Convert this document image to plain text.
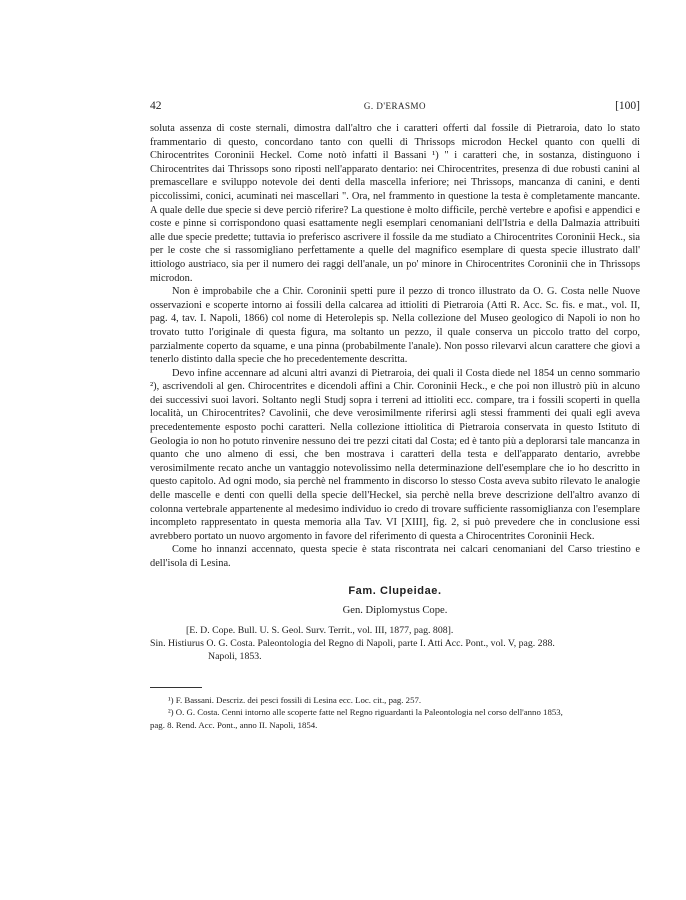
42	G. D'ERASMO	[100]

soluta assenza di coste sternali, dimostra dall'altro che i caratteri offerti dal fossile di Pietraroia, dato lo stato frammentario di questo, concordano tanto con quelli di Thrissops microdon Heckel quanto con quelli di Chirocentrites Coroninii Heckel. Come notò infatti il Bassani ¹) " i caratteri che, in sostanza, distinguono i Chirocentrites dai Thrissops sono riposti nell'apparato dentario: nei Chirocentrites, presenza di due robusti canini al premascellare e sviluppo notevole dei denti della mascella inferiore; nei Thrissops, mancanza di canini, e denti piccolissimi, conici, acuminati nei mascellari ". Ora, nel frammento in questione la testa è completamente mancante. A quale delle due specie si deve perciò riferire? La questione è molto difficile, perchè vertebre e apofisi e appendici e coste e pinne si corrispondono quasi esattamente negli esemplari cenomaniani dell'Istria e della Dalmazia attribuiti alle due specie predette; tuttavia io preferisco ascrivere il fossile da me studiato a Chirocentrites Coroninii Heck., sia per le coste che si rassomigliano perfettamente a quelle del magnifico esemplare di questa specie illustrato dall' ittiologo austriaco, sia per il numero dei raggi dell'anale, un po' minore in Chirocentrites Coroninii che in Thrissops microdon.

Non è improbabile che a Chir. Coroninii spetti pure il pezzo di tronco illustrato da O. G. Costa nelle Nuove osservazioni e scoperte intorno ai fossili della calcarea ad ittioliti di Pietraroia (Atti R. Acc. Sc. fis. e mat., vol. II, pag. 4, tav. I. Napoli, 1866) col nome di Heterolepis sp. Nella collezione del Museo geologico di Napoli io non ho trovato tutto l'originale di questa figura, ma soltanto un pezzo, il quale conserva un piccolo tratto del corpo, parzialmente coperto da squame, e una pinna (probabilmente l'anale). Non posso rilevarvi alcun carattere che giovi a tenerlo distinto dalla specie che ho precedentemente descritta.

Devo infine accennare ad alcuni altri avanzi di Pietraroia, dei quali il Costa diede nel 1854 un cenno sommario ²), ascrivendoli al gen. Chirocentrites e dicendoli affini a Chir. Coroninii Heck., e che poi non illustrò più in alcuno dei successivi suoi lavori. Soltanto negli Studj sopra i terreni ad ittioliti ecc. compare, tra i fossili scoperti in quella località, un Chirocentrites? Cavolinii, che deve verosimilmente riferirsi agli stessi frammenti dei quali egli aveva precedentemente esposto pochi caratteri. Nella collezione ittiolitica di Pietraroia conservata in questo Istituto di Geologia io non ho potuto rinvenire nessuno dei tre pezzi citati dal Costa; ed è tanto più a deplorarsi tale mancanza in quanto che uno almeno di essi, che ben mostrava i caratteri della testa e dell'apparato dentario, avrebbe verosimilmente recato anche un vantaggio notevolissimo nella determinazione dell'esemplare che io ho descritto in questo capitolo. Ad ogni modo, sia perchè nel frammento in discorso lo stesso Costa aveva subito rilevato le analogie delle mascelle e denti con quelli della specie dell'Heckel, sia perchè nella breve descrizione dell'altro avanzo di colonna vertebrale appartenente al medesimo individuo io credo di trovare sufficiente rassomiglianza con l'esemplare incompleto rappresentato in questa memoria alla Tav. VI [XIII], fig. 2, si può prevedere che in conclusione essi avrebbero portato un nuovo argomento in favore del riferimento di questa a Chirocentrites Coroninii Heck.

Come ho innanzi accennato, questa specie è stata riscontrata nei calcari cenomaniani del Carso triestino e dell'isola di Lesina.

Fam. Clupeidae.
Gen. Diplomystus Cope.
[E. D. Cope. Bull. U. S. Geol. Surv. Territ., vol. III, 1877, pag. 808].
Sin. Histiurus O. G. Costa. Paleontologia del Regno di Napoli, parte I. Atti Acc. Pont., vol. V, pag. 288.
Napoli, 1853.
¹) F. Bassani. Descriz. dei pesci fossili di Lesina ecc. Loc. cit., pag. 257.
²) O. G. Costa. Cenni intorno alle scoperte fatte nel Regno riguardanti la Paleontologia nel corso dell'anno 1853,
pag. 8. Rend. Acc. Pont., anno II. Napoli, 1854.
